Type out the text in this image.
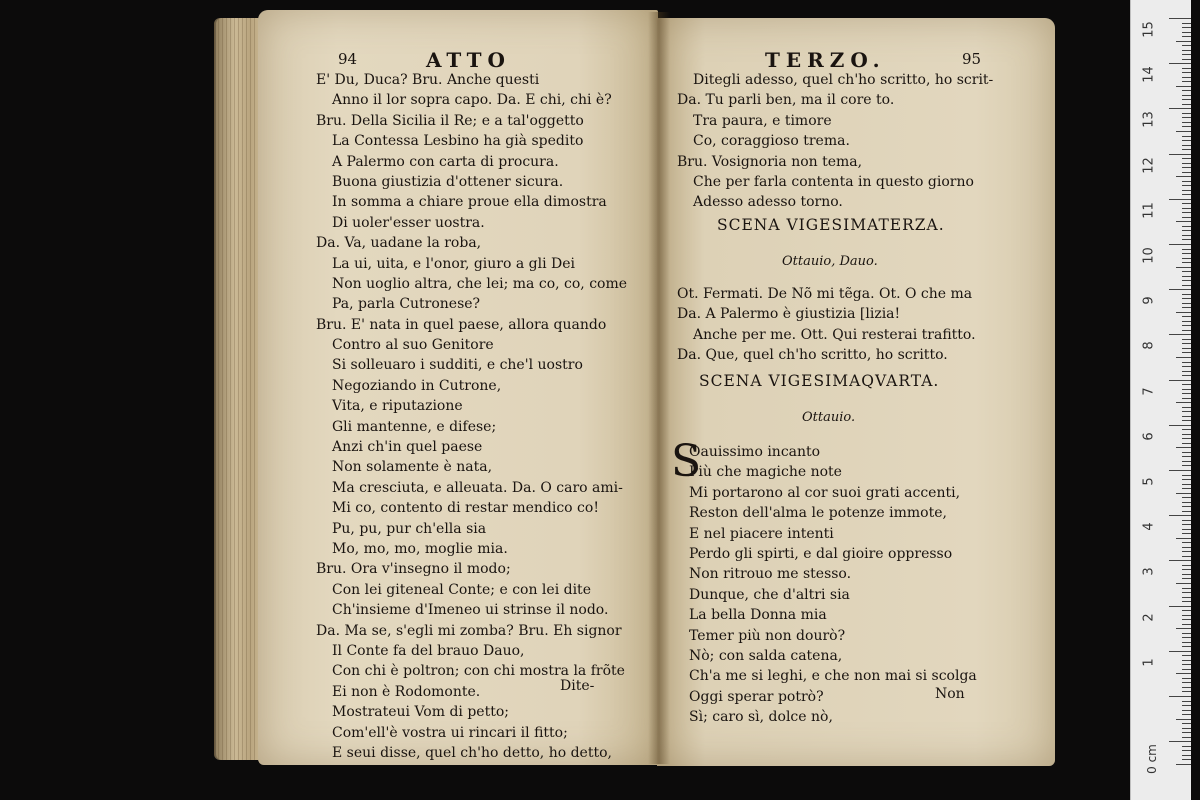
94	ATTO
E' Du, Duca? Bru. Anche questi
Anno il lor sopra capo. Da. E chi, chi è?
Bru. Della Sicilia il Re; e a tal'oggetto
La Contessa Lesbino ha già spedito
A Palermo con carta di procura.
Buona giustizia d'ottener sicura.
In somma a chiare proue ella dimostra
Di uoler'esser uostra.
Da. Va, uadane la roba,
La ui, uita, e l'onor, giuro a gli Dei
Non uoglio altra, che lei; ma co, co, come
Pa, parla Cutronese?
Bru. E' nata in quel paese, allora quando
Contro al suo Genitore
Si solleuaro i sudditi, e che'l uostro
Negoziando in Cutrone,
Vita, e riputazione
Gli mantenne, e difese;
Anzi ch'in quel paese
Non solamente è nata,
Ma cresciuta, e alleuata. Da. O caro ami-
Mi co, contento di restar mendico co!
Pu, pu, pur ch'ella sia
Mo, mo, mo, moglie mia.
Bru. Ora v'insegno il modo;
Con lei giteneal Conte; e con lei dite
Ch'insieme d'Imeneo ui strinse il nodo.
Da. Ma se, s'egli mi zomba? Bru. Eh signor
Il Conte fa del brauo Dauo,
Con chi è poltron; con chi mostra la frõte
Ei non è Rodomonte.
Mostrateui Vom di petto;
Com'ell'è vostra ui rincari il fitto;
E seui disse, quel ch'ho detto, ho detto,
Dite-
TERZO.	95
Ditegli adesso, quel ch'ho scritto, ho scrit-
Da. Tu parli ben, ma il core to.
Tra paura, e timore
Co, coraggioso trema.
Bru. Vosignoria non tema,
Che per farla contenta in questo giorno
Adesso adesso torno.
SCENA VIGESIMATERZA.
Ottauio, Dauo.
Ot. Fermati. De Nõ mi tẽga. Ot. O che ma
Da. A Palermo è giustizia [lizia!
Anche per me. Ott. Qui resterai trafitto.
Da. Que, quel ch'ho scritto, ho scritto.
SCENA VIGESIMAQVARTA.
Ottauio.
S
Oauissimo incanto
Più che magiche note
Mi portarono al cor suoi grati accenti,
Reston dell'alma le potenze immote,
E nel piacere intenti
Perdo gli spirti, e dal gioire oppresso
Non ritrouo me stesso.
Dunque, che d'altri sia
La bella Donna mia
Temer più non dourò?
Nò; con salda catena,
Ch'a me si leghi, e che non mai si scolga
Oggi sperar potrò?
Sì; caro sì, dolce nò,
Non
0 cm
15
14
13
12
11
10
9
8
7
6
5
4
3
2
1
